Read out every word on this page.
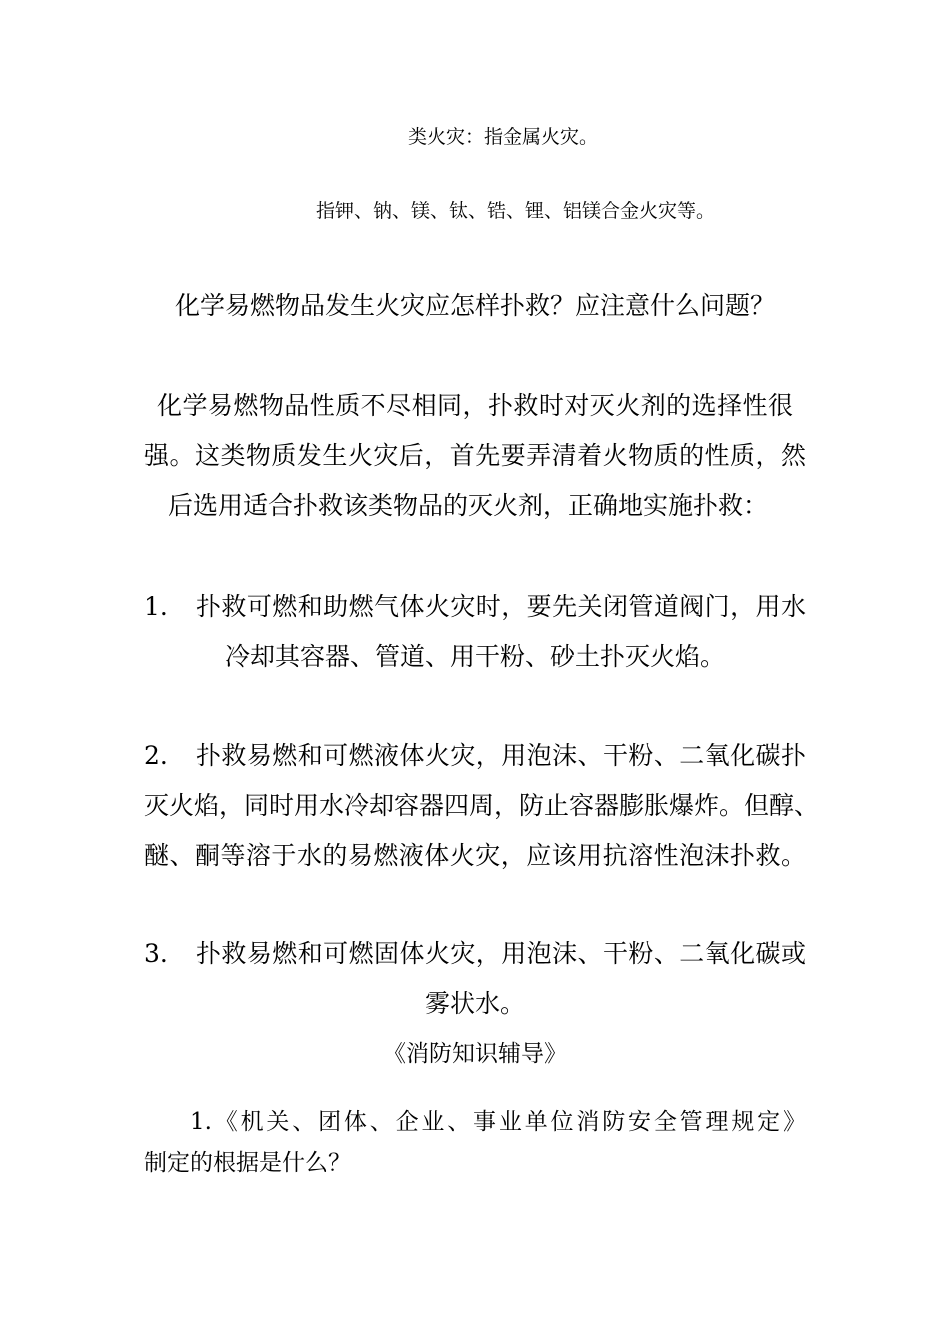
类火灾：指金属火灾。
指钾、钠、镁、钛、锆、锂、铝镁合金火灾等。
化学易燃物品发生火灾应怎样扑救？应注意什么问题？
化学易燃物品性质不尽相同，扑救时对灭火剂的选择性很
强。这类物质发生火灾后，首先要弄清着火物质的性质，然
后选用适合扑救该类物品的灭火剂，正确地实施扑救：
1. 扑救可燃和助燃气体火灾时，要先关闭管道阀门，用水
冷却其容器、管道、用干粉、砂土扑灭火焰。
2. 扑救易燃和可燃液体火灾，用泡沫、干粉、二氧化碳扑
灭火焰，同时用水冷却容器四周，防止容器膨胀爆炸。但醇、
醚、酮等溶于水的易燃液体火灾，应该用抗溶性泡沫扑救。
3. 扑救易燃和可燃固体火灾，用泡沫、干粉、二氧化碳或
雾状水。
《消防知识辅导》
1.《机关、团体、企业、事业单位消防安全管理规定》
制定的根据是什么？
